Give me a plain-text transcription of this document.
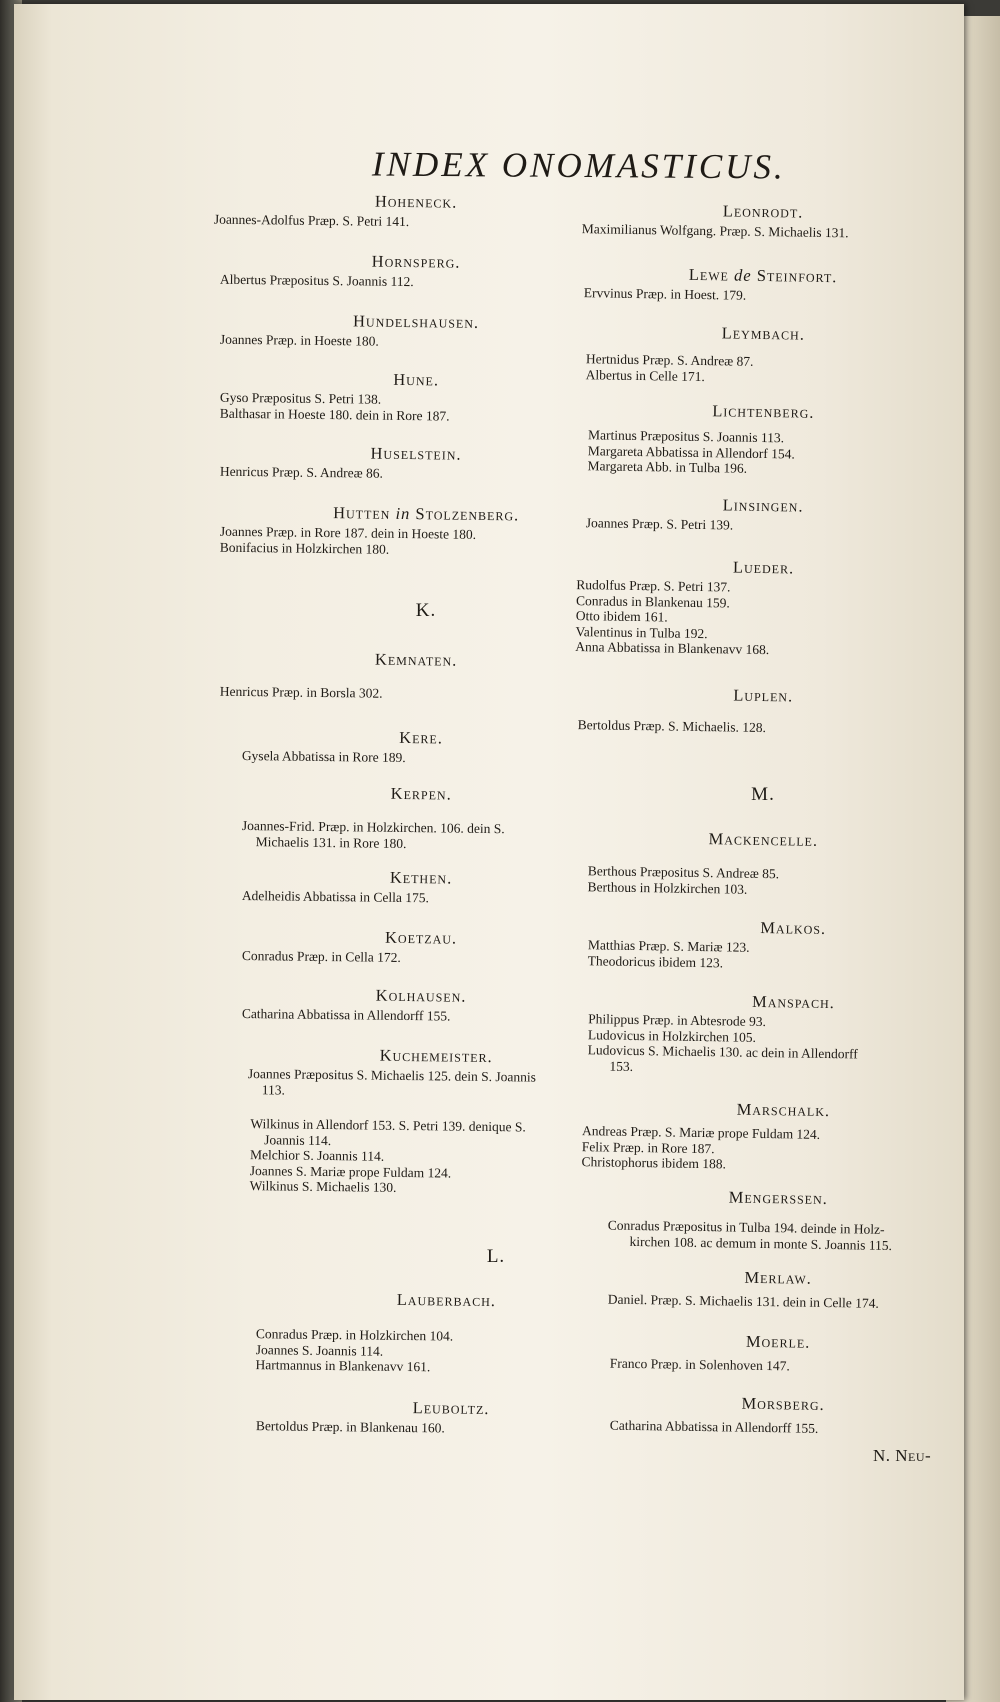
INDEX ONOMASTICUS.
Hoheneck.
Joannes-Adolfus Præp. S. Petri 141.
Hornsperg.
Albertus Præpositus S. Joannis 112.
Hundelshausen.
Joannes Præp. in Hoeste 180.
Hune.
Gyso Præpositus S. Petri 138.
Balthasar in Hoeste 180. dein in Rore 187.
Huselstein.
Henricus Præp. S. Andreæ 86.
Hutten in Stolzenberg.
Joannes Præp. in Rore 187. dein in Hoeste 180.
Bonifacius in Holzkirchen 180.
K.
Kemnaten.
Henricus Præp. in Borsla 302.
Kere.
Gysela Abbatissa in Rore 189.
Kerpen.
Joannes-Frid. Præp. in Holzkirchen. 106. dein S.
Michaelis 131. in Rore 180.
Kethen.
Adelheidis Abbatissa in Cella 175.
Koetzau.
Conradus Præp. in Cella 172.
Kolhausen.
Catharina Abbatissa in Allendorff 155.
Kuchemeister.
Joannes Præpositus S. Michaelis 125. dein S. Joannis
113.
Wilkinus in Allendorf 153. S. Petri 139. denique S.
Joannis 114.
Melchior S. Joannis 114.
Joannes S. Mariæ prope Fuldam 124.
Wilkinus S. Michaelis 130.
L.
Lauberbach.
Conradus Præp. in Holzkirchen 104.
Joannes S. Joannis 114.
Hartmannus in Blankenavv 161.
Leuboltz.
Bertoldus Præp. in Blankenau 160.
Leonrodt.
Maximilianus Wolfgang. Præp. S. Michaelis 131.
Lewe de Steinfort.
Ervvinus Præp. in Hoest. 179.
Leymbach.
Hertnidus Præp. S. Andreæ 87.
Albertus in Celle 171.
Lichtenberg.
Martinus Præpositus S. Joannis 113.
Margareta Abbatissa in Allendorf 154.
Margareta Abb. in Tulba 196.
Linsingen.
Joannes Præp. S. Petri 139.
Lueder.
Rudolfus Præp. S. Petri 137.
Conradus in Blankenau 159.
Otto ibidem 161.
Valentinus in Tulba 192.
Anna Abbatissa in Blankenavv 168.
Luplen.
Bertoldus Præp. S. Michaelis. 128.
M.
Mackencelle.
Berthous Præpositus S. Andreæ 85.
Berthous in Holzkirchen 103.
Malkos.
Matthias Præp. S. Mariæ 123.
Theodoricus ibidem 123.
Manspach.
Philippus Præp. in Abtesrode 93.
Ludovicus in Holzkirchen 105.
Ludovicus S. Michaelis 130. ac dein in Allendorff
153.
Marschalk.
Andreas Præp. S. Mariæ prope Fuldam 124.
Felix Præp. in Rore 187.
Christophorus ibidem 188.
Mengerssen.
Conradus Præpositus in Tulba 194. deinde in Holz-
kirchen 108. ac demum in monte S. Joannis 115.
Merlaw.
Daniel. Præp. S. Michaelis 131. dein in Celle 174.
Moerle.
Franco Præp. in Solenhoven 147.
Morsberg.
Catharina Abbatissa in Allendorff 155.
N. Neu-
